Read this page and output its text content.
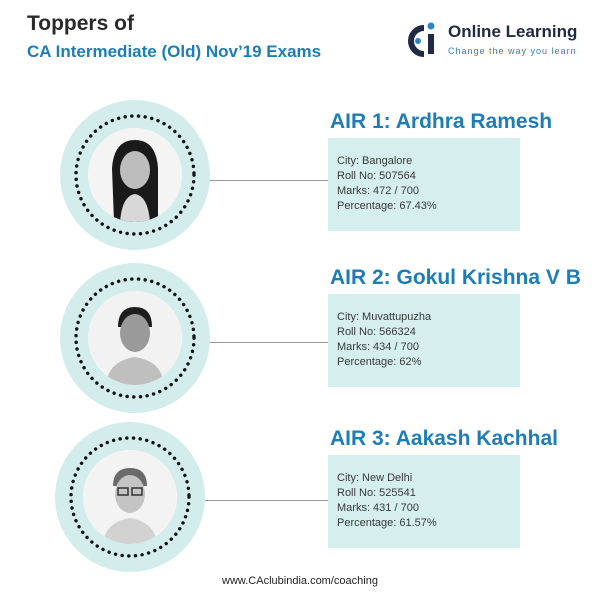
Toppers of
CA Intermediate (Old) Nov’19 Exams
Online Learning
Change the way you learn
AIR 1: Ardhra Ramesh
City: Bangalore
Roll No: 507564
Marks: 472 / 700
Percentage: 67.43%
AIR 2: Gokul Krishna V B
City: Muvattupuzha
Roll No: 566324
Marks: 434 / 700
Percentage: 62%
AIR 3: Aakash Kachhal
City: New Delhi
Roll No: 525541
Marks: 431 / 700
Percentage: 61.57%
www.CAclubindia.com/coaching
